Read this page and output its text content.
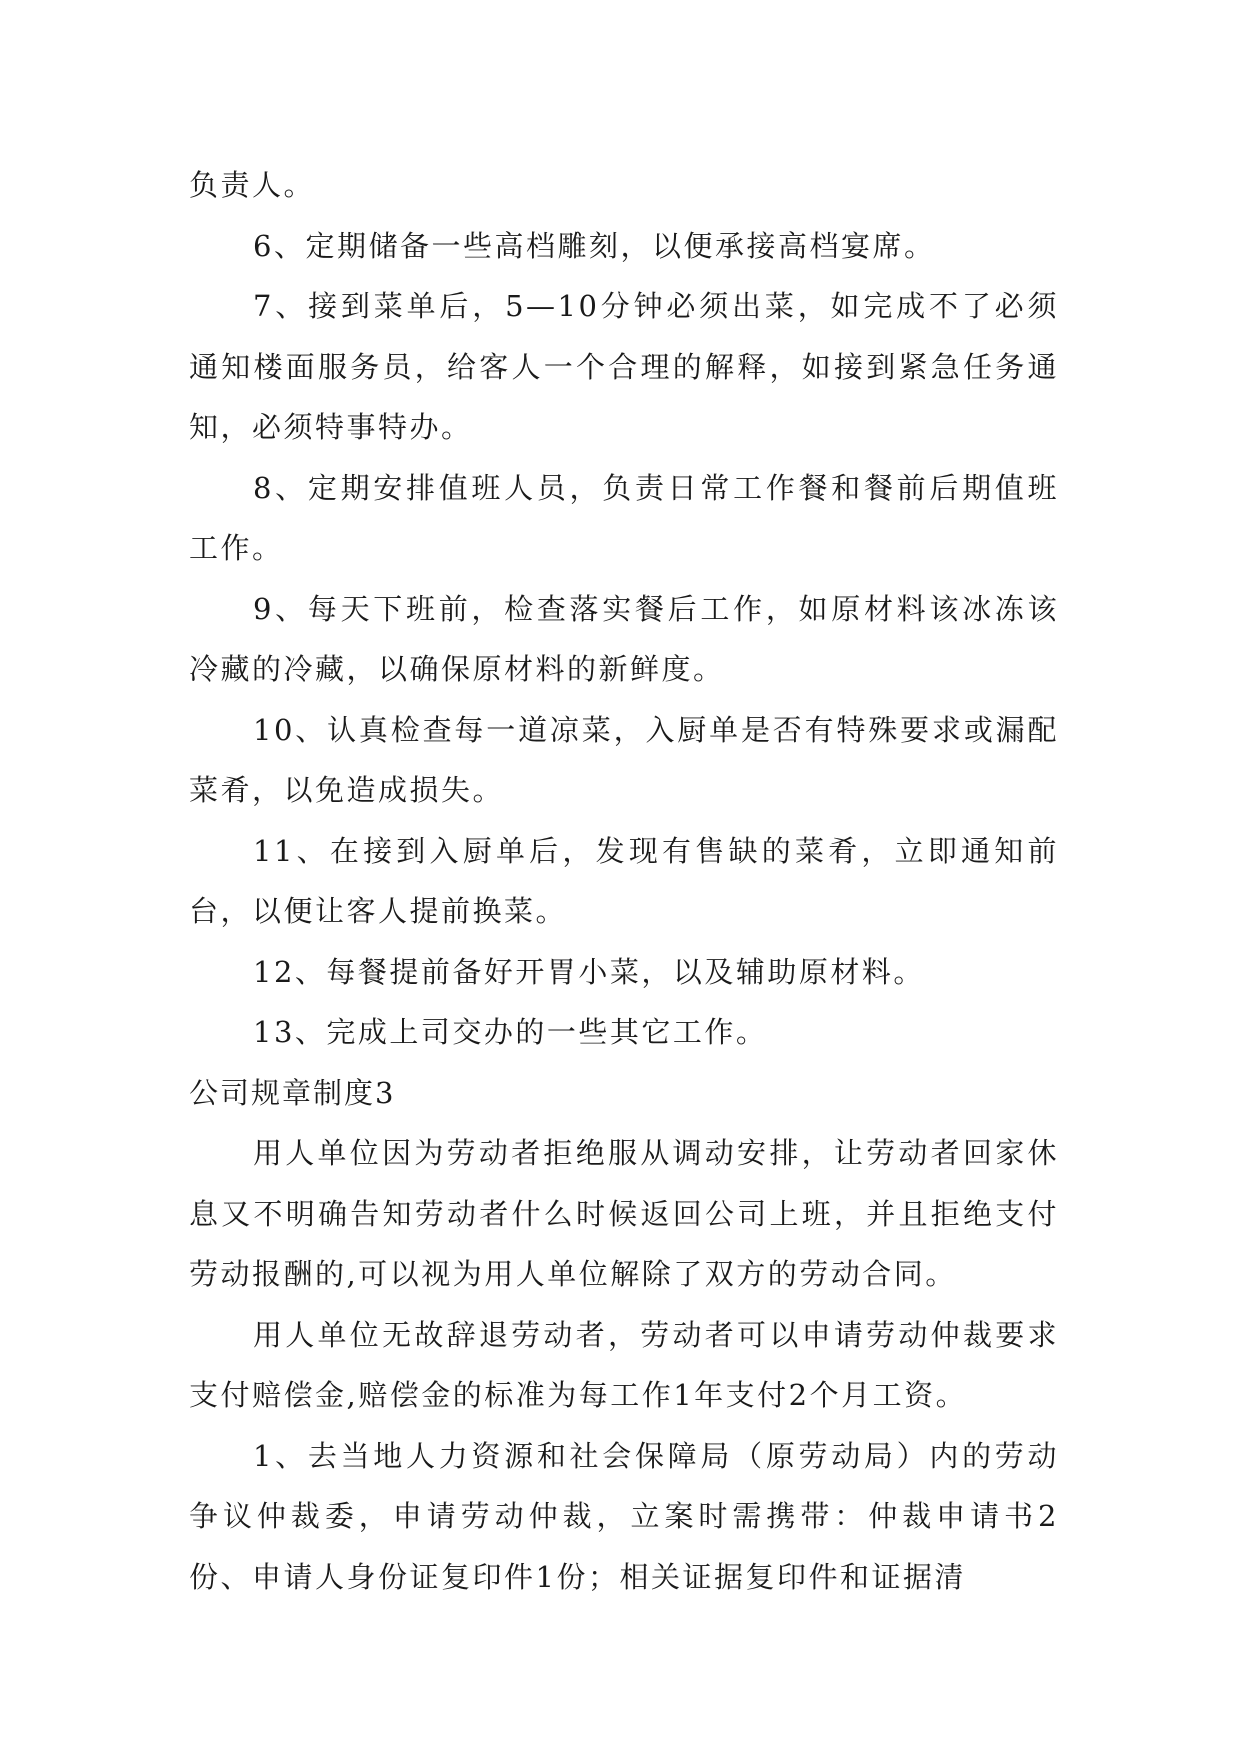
负责人。

6、定期储备一些高档雕刻，以便承接高档宴席。

7、接到菜单后，5—10分钟必须出菜，如完成不了必须通知楼面服务员，给客人一个合理的解释，如接到紧急任务通知，必须特事特办。

8、定期安排值班人员，负责日常工作餐和餐前后期值班工作。

9、每天下班前，检查落实餐后工作，如原材料该冰冻该冷藏的冷藏，以确保原材料的新鲜度。

10、认真检查每一道凉菜，入厨单是否有特殊要求或漏配菜肴，以免造成损失。

11、在接到入厨单后，发现有售缺的菜肴，立即通知前台，以便让客人提前换菜。

12、每餐提前备好开胃小菜，以及辅助原材料。

13、完成上司交办的一些其它工作。

公司规章制度3

用人单位因为劳动者拒绝服从调动安排，让劳动者回家休息又不明确告知劳动者什么时候返回公司上班，并且拒绝支付劳动报酬的,可以视为用人单位解除了双方的劳动合同。

用人单位无故辞退劳动者，劳动者可以申请劳动仲裁要求支付赔偿金,赔偿金的标准为每工作1年支付2个月工资。

1、去当地人力资源和社会保障局（原劳动局）内的劳动争议仲裁委，申请劳动仲裁，立案时需携带：仲裁申请书2份、申请人身份证复印件1份；相关证据复印件和证据清
